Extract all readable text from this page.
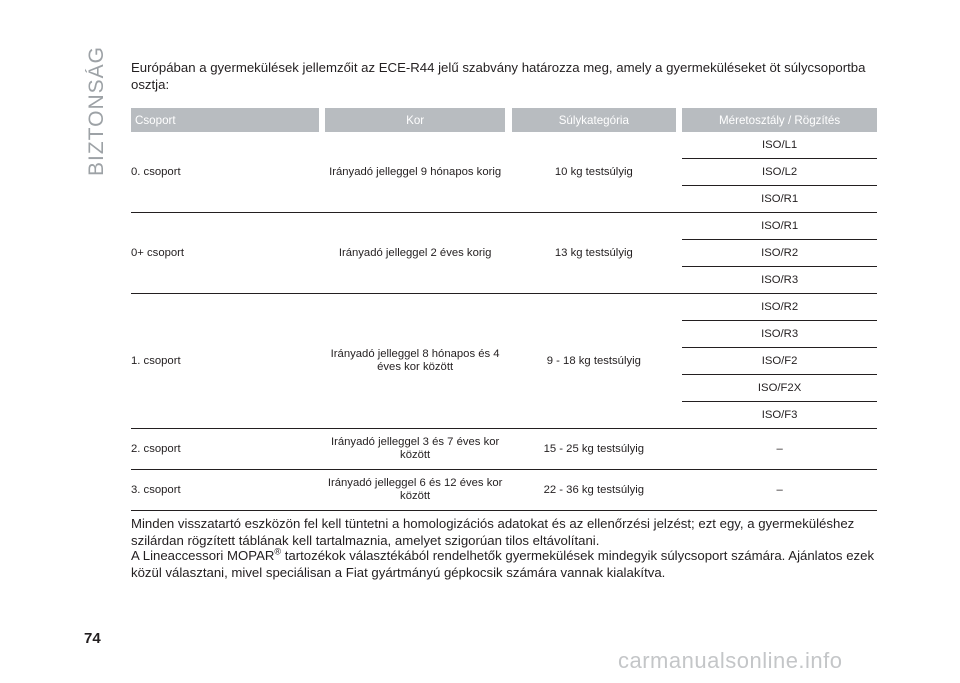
BIZTONSÁG Európában a gyermekülések jellemzőit az ECE-R44 jelű szabvány határozza meg, amely a gyermeküléseket öt súlycsoportba osztja:
Csoport		Kor		Súlykategória		Méretosztály / Rögzítés
0. csoport		Irányadó jelleggel 9 hónapos korig		10 kg testsúlyig		ISO/L1
						ISO/L2
						ISO/R1
0+ csoport		Irányadó jelleggel 2 éves korig		13 kg testsúlyig		ISO/R1
						ISO/R2
						ISO/R3
1. csoport		Irányadó jelleggel 8 hónapos és 4 éves kor között		9 - 18 kg testsúlyig		ISO/R2
						ISO/R3
						ISO/F2
						ISO/F2X
						ISO/F3
2. csoport		Irányadó jelleggel 3 és 7 éves kor között		15 - 25 kg testsúlyig		–
3. csoport		Irányadó jelleggel 6 és 12 éves kor között		22 - 36 kg testsúlyig		–
Minden visszatartó eszközön fel kell tüntetni a homologizációs adatokat és az ellenőrzési jelzést; ezt egy, a gyermeküléshez szilárdan rögzített táblának kell tartalmaznia, amelyet szigorúan tilos eltávolítani.
A Lineaccessori MOPAR® tartozékok választékából rendelhetők gyermekülések mindegyik súlycsoport számára. Ajánlatos ezek közül választani, mivel speciálisan a Fiat gyártmányú gépkocsik számára vannak kialakítva.
74
carmanualsonline.info
